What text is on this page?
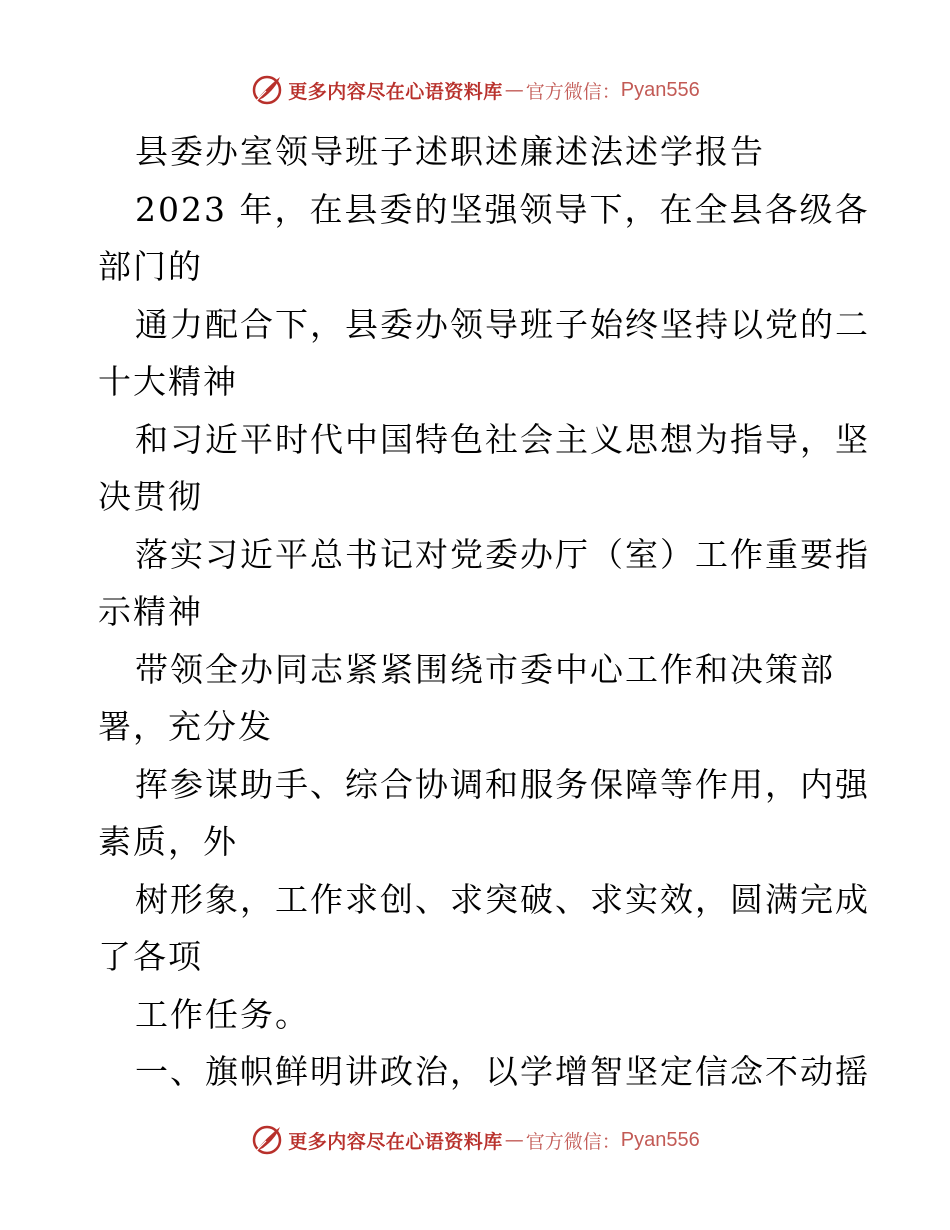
更多内容尽在心语资料库 — 官方微信： Pyan556
县委办室领导班子述职述廉述法述学报告
2023 年，在县委的坚强领导下，在全县各级各
部门的
通力配合下，县委办领导班子始终坚持以党的二
十大精神
和习近平时代中国特色社会主义思想为指导，坚
决贯彻
落实习近平总书记对党委办厅（室）工作重要指
示精神
带领全办同志紧紧围绕市委中心工作和决策部
署，充分发
挥参谋助手、综合协调和服务保障等作用，内强
素质，外
树形象，工作求创、求突破、求实效，圆满完成
了各项
工作任务。
一、旗帜鲜明讲政治，以学增智坚定信念不动摇
更多内容尽在心语资料库 — 官方微信： Pyan556
